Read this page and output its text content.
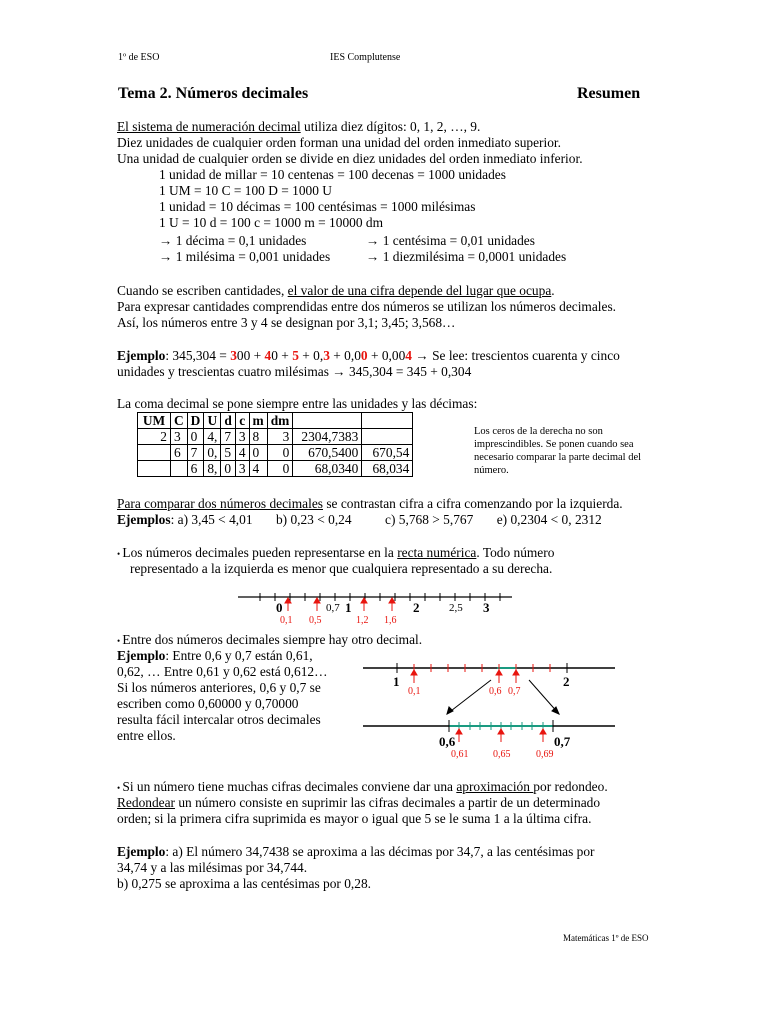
1º de ESO	IES Complutense
Tema 2. Números decimales	Resumen
El sistema de numeración decimal utiliza diez dígitos: 0, 1, 2, …, 9.
Diez unidades de cualquier orden forman una unidad del orden inmediato superior.
Una unidad de cualquier orden se divide en diez unidades del orden inmediato inferior.
1 unidad de millar = 10 centenas = 100 decenas = 1000 unidades
1 UM = 10 C = 100 D = 1000 U
1 unidad = 10 décimas = 100 centésimas = 1000 milésimas
1 U = 10 d = 100 c = 1000 m = 10000 dm
→ 1 décima = 0,1 unidades	→ 1 centésima = 0,01 unidades
→ 1 milésima = 0,001 unidades	→ 1 diezmilésima = 0,0001 unidades
Cuando se escriben cantidades, el valor de una cifra depende del lugar que ocupa.
Para expresar cantidades comprendidas entre dos números se utilizan los números decimales.
Así, los números entre 3 y 4 se designan por 3,1; 3,45; 3,568…
Ejemplo: 345,304 = 300 + 40 + 5 + 0,3 + 0,00 + 0,004 → Se lee: trescientos cuarenta y cinco
unidades y trescientas cuatro milésimas → 345,304 = 345 + 0,304
La coma decimal se pone siempre entre las unidades y las décimas:
UM	C	D	U	d	c	m	dm		
2	3	0	4,	7	3	8	3	2304,7383	
	6	7	0,	5	4	0	0	670,5400	670,54
		6	8,	0	3	4	0	68,0340	68,034
Los ceros de la derecha no son imprescindibles. Se ponen cuando sea necesario comparar la parte decimal del número.
Para comparar dos números decimales se contrastan cifra a cifra comenzando por la izquierda.
Ejemplos: a) 3,45 < 4,01       b) 0,23 < 0,24          c) 5,768 > 5,767       e) 0,2304 < 0, 2312
• Los números decimales pueden representarse en la recta numérica. Todo número
representado a la izquierda es menor que cualquiera representado a su derecha.
0	0,7 1	2	2,5 3
0,1 0,5	1,2 1,6
• Entre dos números decimales siempre hay otro decimal.
Ejemplo: Entre 0,6 y 0,7 están 0,61,
0,62, … Entre 0,61 y 0,62 está 0,612…
Si los números anteriores, 0,6 y 0,7 se
escriben como 0,60000 y 0,70000
resulta fácil intercalar otros decimales
entre ellos.
1	2
0,1	0,6 0,7
0,6	0,7
0,61 0,65	0,69
• Si un número tiene muchas cifras decimales conviene dar una aproximación por redondeo.
Redondear un número consiste en suprimir las cifras decimales a partir de un determinado
orden; si la primera cifra suprimida es mayor o igual que 5 se le suma 1 a la última cifra.
Ejemplo: a) El número 34,7438 se aproxima a las décimas por 34,7, a las centésimas por
34,74 y a las milésimas por 34,744.
b) 0,275 se aproxima a las centésimas por 0,28.
Matemáticas 1º de ESO
